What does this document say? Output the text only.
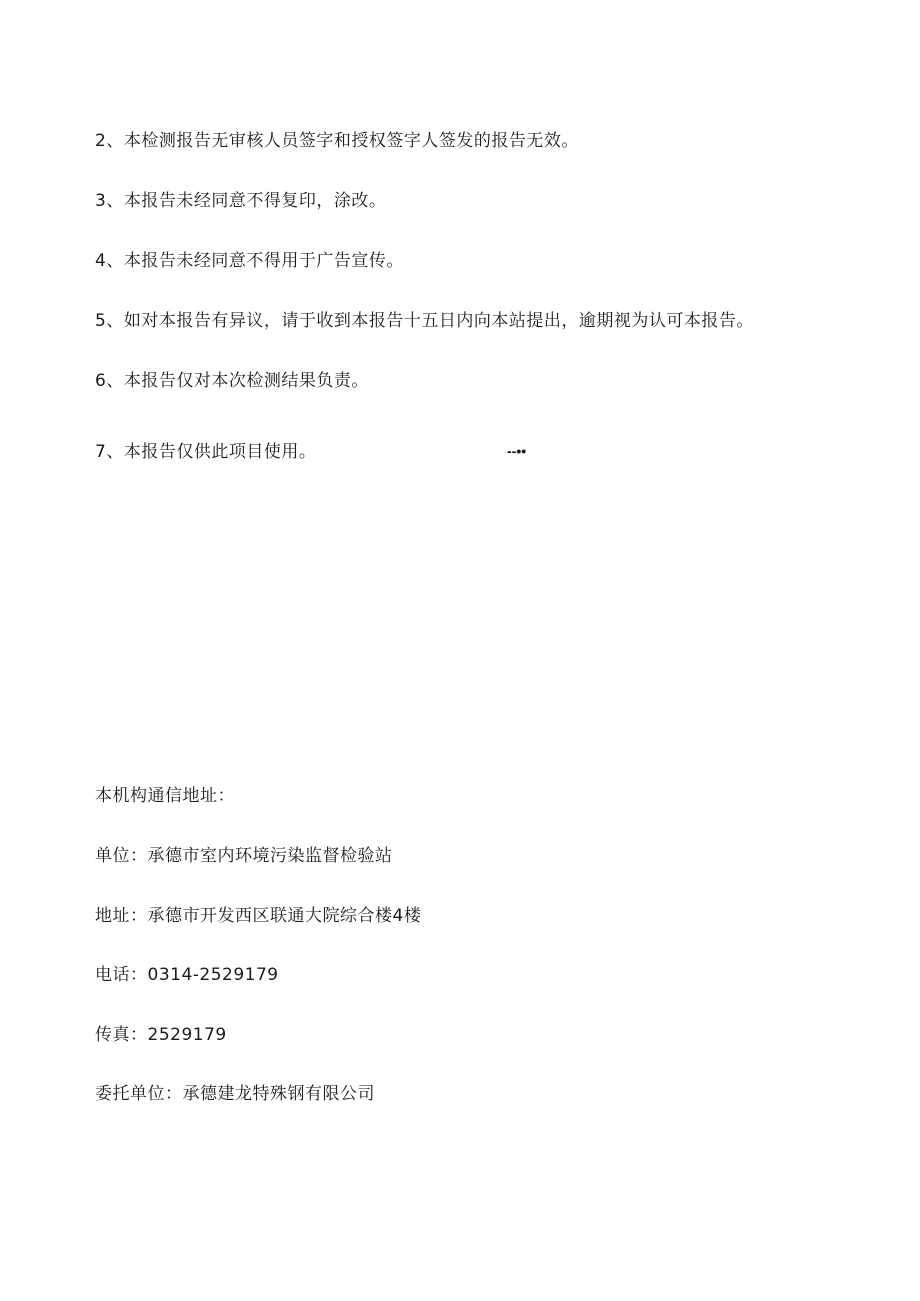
2、本检测报告无审核人员签字和授权签字人签发的报告无效。
3、本报告未经同意不得复印，涂改。
4、本报告未经同意不得用于广告宣传。
5、如对本报告有异议，请于收到本报告十五日内向本站提出，逾期视为认可本报告。
6、本报告仅对本次检测结果负责。
7、本报告仅供此项目使用。	--••
本机构通信地址：
单位：承德市室内环境污染监督检验站
地址：承德市开发西区联通大院综合楼4楼
电话：0314-2529179
传真：2529179
委托单位：承德建龙特殊钢有限公司
